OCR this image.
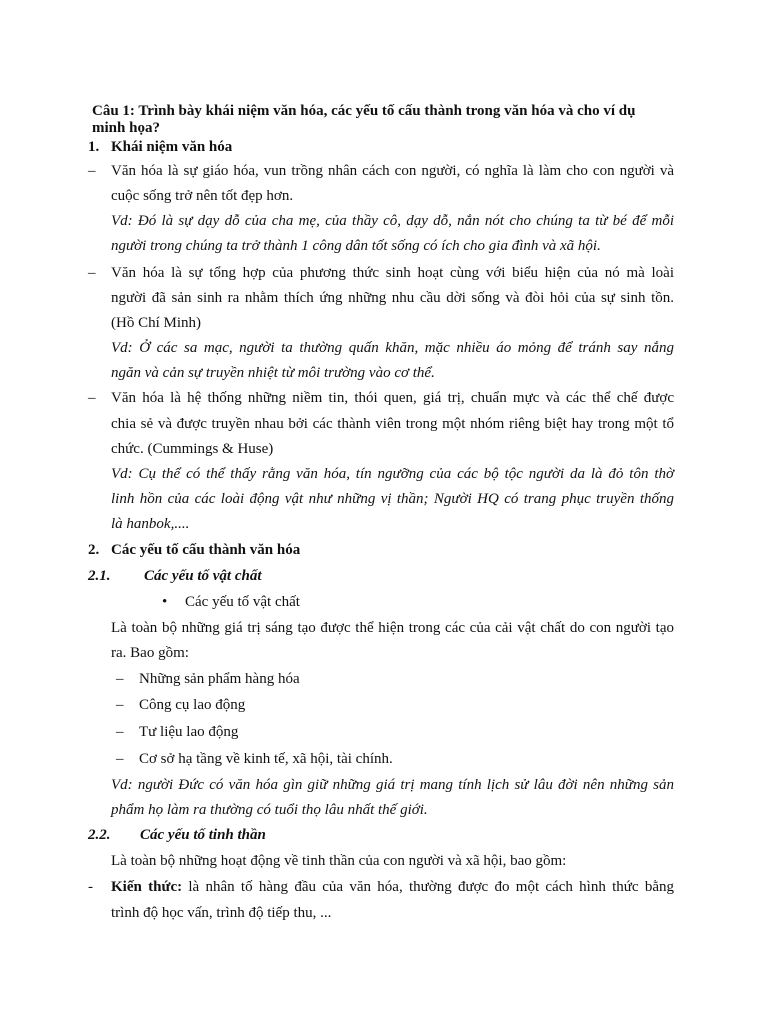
Câu 1: Trình bày khái niệm văn hóa, các yếu tố cấu thành trong văn hóa và cho ví dụ
minh họa?
1. Khái niệm văn hóa
– Văn hóa là sự giáo hóa, vun trồng nhân cách con người, có nghĩa là làm cho con người và
cuộc sống trở nên tốt đẹp hơn.
Vd: Đó là sự dạy dỗ của cha mẹ, của thầy cô, dạy dỗ, nắn nót cho chúng ta từ bé để mỗi
người trong chúng ta trở thành 1 công dân tốt sống có ích cho gia đình và xã hội.
– Văn hóa là sự tổng hợp của phương thức sinh hoạt cùng với biểu hiện của nó mà loài
người đã sản sinh ra nhằm thích ứng những nhu cầu dời sống và đòi hỏi của sự sinh tồn.
(Hồ Chí Minh)
Vd: Ở các sa mạc, người ta thường quấn khăn, mặc nhiều áo mỏng để tránh say nắng
ngăn và cản sự truyền nhiệt từ môi trường vào cơ thể.
– Văn hóa là hệ thống những niềm tin, thói quen, giá trị, chuẩn mực và các thể chế được
chia sẻ và được truyền nhau bởi các thành viên trong một nhóm riêng biệt hay trong một tổ
chức. (Cummings & Huse)
Vd: Cụ thể có thể thấy rằng văn hóa, tín ngưỡng của các bộ tộc người da là đỏ tôn thờ
linh hồn của các loài động vật như những vị thần; Người HQ có trang phục truyền thống
là hanbok,....
2. Các yếu tố cấu thành văn hóa
2.1. Các yếu tố vật chất
• Các yếu tố vật chất
Là toàn bộ những giá trị sáng tạo được thể hiện trong các của cải vật chất do con người tạo
ra. Bao gồm:
– Những sản phẩm hàng hóa
– Công cụ lao động
– Tư liệu lao động
– Cơ sở hạ tầng về kinh tế, xã hội, tài chính.
Vd: người Đức có văn hóa gìn giữ những giá trị mang tính lịch sử lâu đời nên những sản
phẩm họ làm ra thường có tuổi thọ lâu nhất thế giới.
2.2. Các yếu tố tinh thần
Là toàn bộ những hoạt động về tinh thần của con người và xã hội, bao gồm:
- Kiến thức: là nhân tố hàng đầu của văn hóa, thường được đo một cách hình thức bằng
trình độ học vấn, trình độ tiếp thu, ...
